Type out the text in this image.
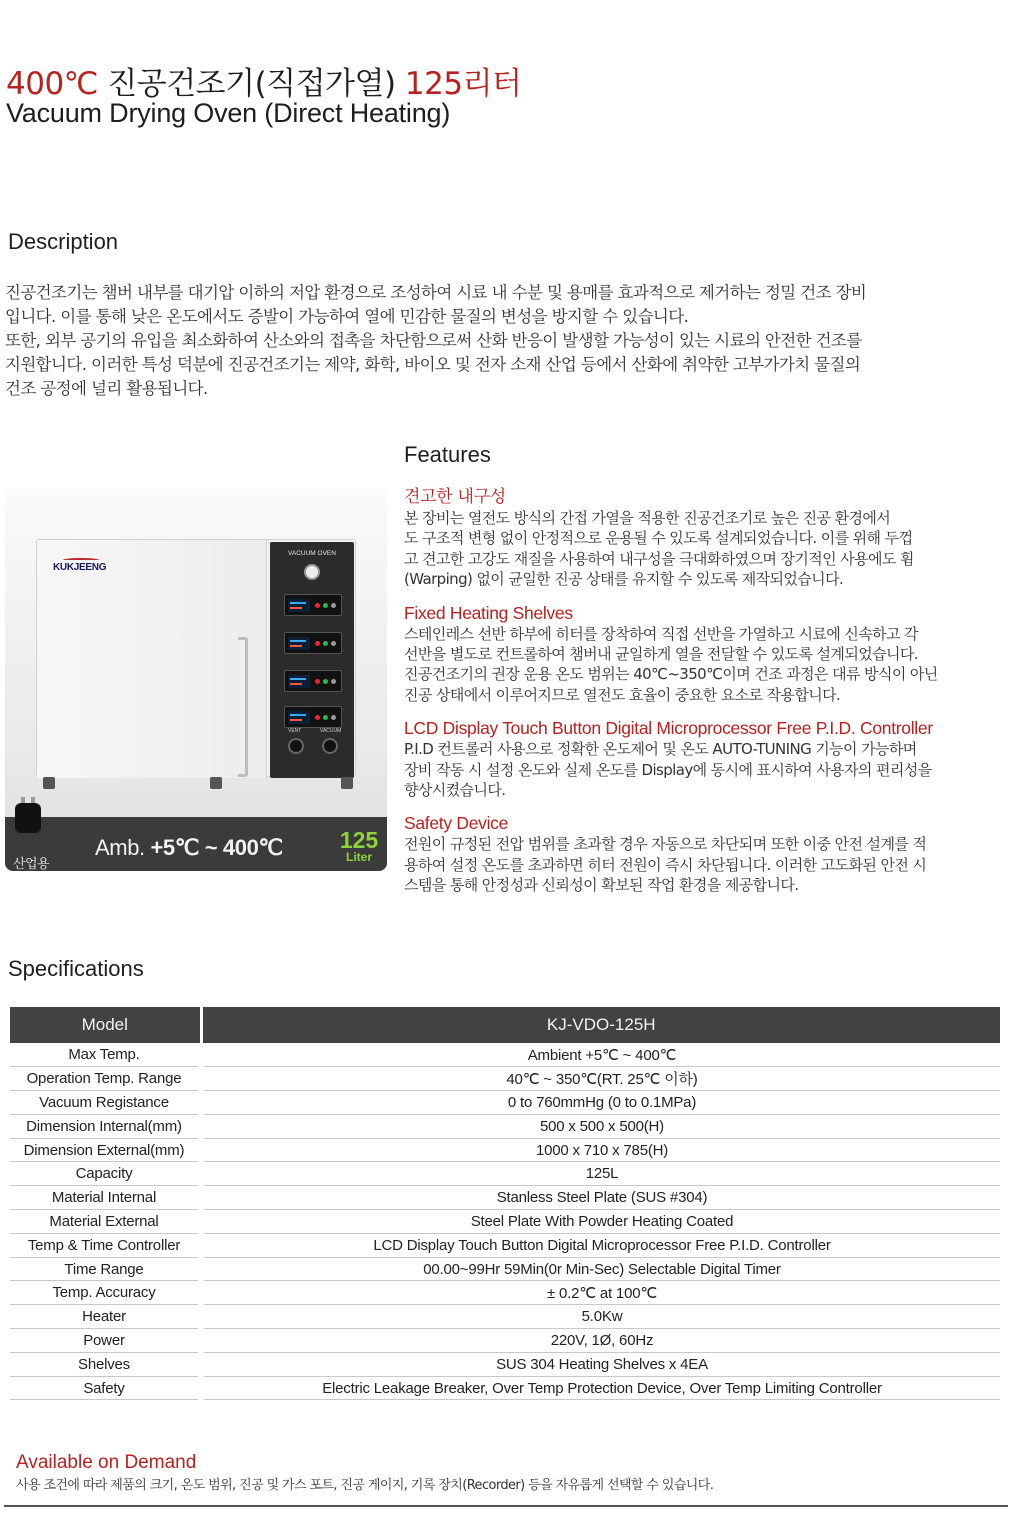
400℃ 진공건조기(직접가열) 125리터
Vacuum Drying Oven (Direct Heating)
Description

진공건조기는 챔버 내부를 대기압 이하의 저압 환경으로 조성하여 시료 내 수분 및 용매를 효과적으로 제거하는 정밀 건조 장비

입니다. 이를 통해 낮은 온도에서도 증발이 가능하여 열에 민감한 물질의 변성을 방지할 수 있습니다.

또한, 외부 공기의 유입을 최소화하여 산소와의 접촉을 차단함으로써 산화 반응이 발생할 가능성이 있는 시료의 안전한 건조를

지원합니다. 이러한 특성 덕분에 진공건조기는 제약, 화학, 바이오 및 전자 소재 산업 등에서 산화에 취약한 고부가가치 물질의

건조 공정에 널리 활용됩니다.

KUKJEENG
VACUUM OVEN
VENT	VACUUM
산업용
Amb. +5℃ ~ 400℃ 125
Liter
Features
견고한 내구성

본 장비는 열전도 방식의 간접 가열을 적용한 진공건조기로 높은 진공 환경에서
도 구조적 변형 없이 안정적으로 운용될 수 있도록 설계되었습니다. 이를 위해 두껍
고 견고한 고강도 재질을 사용하여 내구성을 극대화하였으며 장기적인 사용에도 휨
(Warping) 없이 균일한 진공 상태를 유지할 수 있도록 제작되었습니다.

Fixed Heating Shelves

스테인레스 선반 하부에 히터를 장착하여 직접 선반을 가열하고 시료에 신속하고 각
선반을 별도로 컨트롤하여 챔버내 균일하게 열을 전달할 수 있도록 설계되었습니다.
진공건조기의 권장 운용 온도 범위는 40℃~350℃이며 건조 과정은 대류 방식이 아닌
진공 상태에서 이루어지므로 열전도 효율이 중요한 요소로 작용합니다.

LCD Display Touch Button Digital Microprocessor Free P.I.D. Controller

P.I.D 컨트롤러 사용으로 정확한 온도제어 및 온도 AUTO-TUNING 기능이 가능하며
장비 작동 시 설정 온도와 실제 온도를 Display에 동시에 표시하여 사용자의 편리성을
향상시켰습니다.

Safety Device

전원이 규정된 전압 범위를 초과할 경우 자동으로 차단되며 또한 이중 안전 설계를 적
용하여 설정 온도를 초과하면 히터 전원이 즉시 차단됩니다. 이러한 고도화된 안전 시
스템을 통해 안정성과 신뢰성이 확보된 작업 환경을 제공합니다.

Specifications
Model	KJ-VDO-125H
Max Temp.	Ambient +5℃ ~ 400℃
Operation Temp. Range	40℃ ~ 350℃(RT. 25℃ 이하)
Vacuum Registance	0 to 760mmHg (0 to 0.1MPa)
Dimension Internal(mm)	500 x 500 x 500(H)
Dimension External(mm)	1000 x 710 x 785(H)
Capacity	125L
Material Internal	Stanless Steel Plate (SUS #304)
Material External	Steel Plate With Powder Heating Coated
Temp & Time Controller	LCD Display Touch Button Digital Microprocessor Free P.I.D. Controller
Time Range	00.00~99Hr 59Min(0r Min-Sec) Selectable Digital Timer
Temp. Accuracy	± 0.2℃ at 100℃
Heater	5.0Kw
Power	220V, 1Ø, 60Hz
Shelves	SUS 304 Heating Shelves x 4EA
Safety	Electric Leakage Breaker, Over Temp Protection Device, Over Temp Limiting Controller
Available on Demand
사용 조건에 따라 제품의 크기, 온도 범위, 진공 및 가스 포트, 진공 게이지, 기록 장치(Recorder) 등을 자유롭게 선택할 수 있습니다.
